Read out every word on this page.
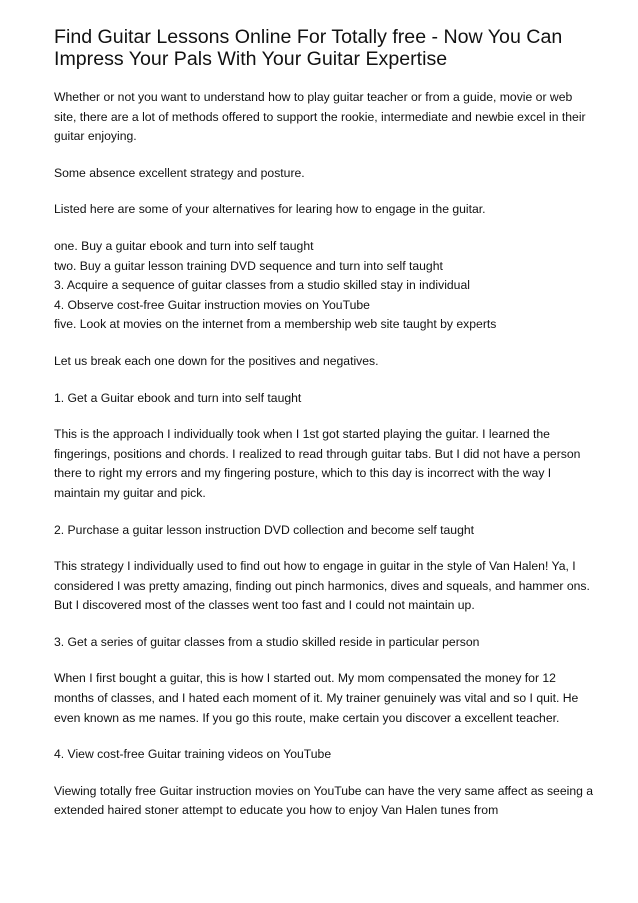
Find Guitar Lessons Online For Totally free - Now You Can Impress Your Pals With Your Guitar Expertise

Whether or not you want to understand how to play guitar teacher or from a guide, movie or web site, there are a lot of methods offered to support the rookie, intermediate and newbie excel in their guitar enjoying.

Some absence excellent strategy and posture.

Listed here are some of your alternatives for learing how to engage in the guitar.

one. Buy a guitar ebook and turn into self taught
two. Buy a guitar lesson training DVD sequence and turn into self taught
3. Acquire a sequence of guitar classes from a studio skilled stay in individual
4. Observe cost-free Guitar instruction movies on YouTube
five. Look at movies on the internet from a membership web site taught by experts

Let us break each one down for the positives and negatives.

1. Get a Guitar ebook and turn into self taught

This is the approach I individually took when I 1st got started playing the guitar. I learned the fingerings, positions and chords. I realized to read through guitar tabs. But I did not have a person there to right my errors and my fingering posture, which to this day is incorrect with the way I maintain my guitar and pick.

2. Purchase a guitar lesson instruction DVD collection and become self taught

This strategy I individually used to find out how to engage in guitar in the style of Van Halen! Ya, I considered I was pretty amazing, finding out pinch harmonics, dives and squeals, and hammer ons. But I discovered most of the classes went too fast and I could not maintain up.

3. Get a series of guitar classes from a studio skilled reside in particular person

When I first bought a guitar, this is how I started out. My mom compensated the money for 12 months of classes, and I hated each moment of it. My trainer genuinely was vital and so I quit. He even known as me names. If you go this route, make certain you discover a excellent teacher.

4. View cost-free Guitar training videos on YouTube

Viewing totally free Guitar instruction movies on YouTube can have the very same affect as seeing a extended haired stoner attempt to educate you how to enjoy Van Halen tunes from
